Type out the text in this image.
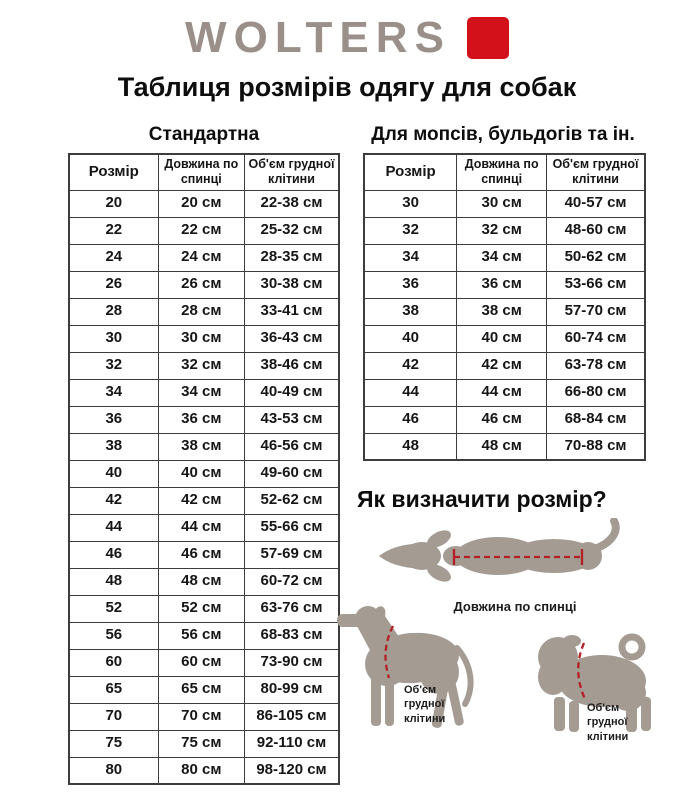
WOLTERS
Таблиця розмірів одягу для собак
Стандартна	Для мопсів, бульдогів та ін.
Розмір	Довжина по спинці	Об'єм грудної клітини
20	20 см	22-38 см
22	22 см	25-32 см
24	24 см	28-35 см
26	26 см	30-38 см
28	28 см	33-41 см
30	30 см	36-43 см
32	32 см	38-46 см
34	34 см	40-49 см
36	36 см	43-53 см
38	38 см	46-56 см
40	40 см	49-60 см
42	42 см	52-62 см
44	44 см	55-66 см
46	46 см	57-69 см
48	48 см	60-72 см
52	52 см	63-76 см
56	56 см	68-83 см
60	60 см	73-90 см
65	65 см	80-99 см
70	70 см	86-105 см
75	75 см	92-110 см
80	80 см	98-120 см
Розмір	Довжина по спинці	Об'єм грудної клітини
30	30 см	40-57 см
32	32 см	48-60 см
34	34 см	50-62 см
36	36 см	53-66 см
38	38 см	57-70 см
40	40 см	60-74 см
42	42 см	63-78 см
44	44 см	66-80 см
46	46 см	68-84 см
48	48 см	70-88 см
Як визначити розмір?
Довжина по спинці
Об'єм грудної клітини
Об'єм грудної клітини
